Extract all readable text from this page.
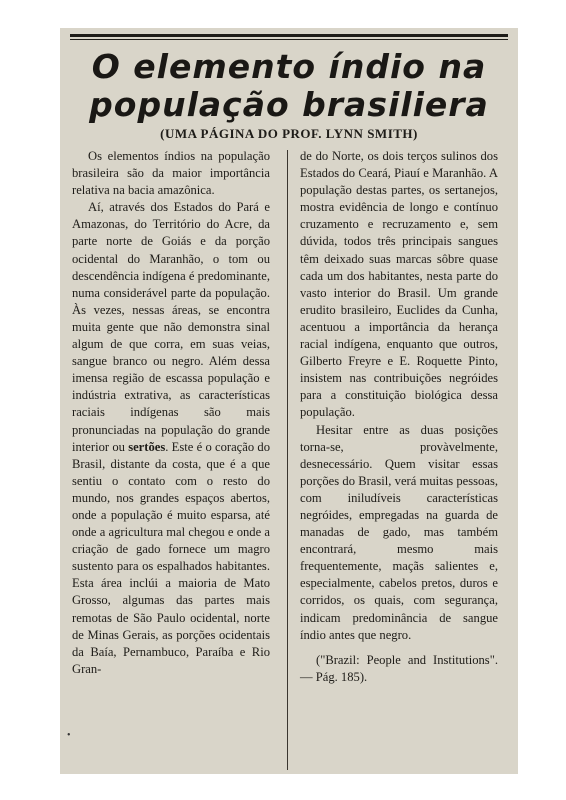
O elemento índio na
população brasiliera
(UMA PÁGINA DO PROF. LYNN SMITH)

Os elementos índios na população brasileira são da maior importância relativa na bacia amazônica.

Aí, através dos Estados do Pará e Amazonas, do Território do Acre, da parte norte de Goiás e da porção ocidental do Maranhão, o tom ou descendência indígena é predominante, numa considerável parte da população. Às vezes, nessas áreas, se encontra muita gente que não demonstra sinal algum de que corra, em suas veias, sangue branco ou negro. Além dessa imensa região de escassa população e indústria extrativa, as características raciais indígenas são mais pronunciadas na população do grande interior ou sertões. Este é o coração do Brasil, distante da costa, que é a que sentiu o contato com o resto do mundo, nos grandes espaços abertos, onde a população é muito esparsa, até onde a agricultura mal chegou e onde a criação de gado fornece um magro sustento para os espalhados habitantes. Esta área inclúi a maioria de Mato Grosso, algumas das partes mais remotas de São Paulo ocidental, norte de Minas Gerais, as porções ocidentais da Baía, Pernambuco, Paraíba e Rio Gran-

de do Norte, os dois terços sulinos dos Estados do Ceará, Piauí e Maranhão. A população destas partes, os sertanejos, mostra evidência de longo e contínuo cruzamento e recruzamento e, sem dúvida, todos três principais sangues têm deixado suas marcas sôbre quase cada um dos habitantes, nesta parte do vasto interior do Brasil. Um grande erudito brasileiro, Euclides da Cunha, acentuou a importância da herança racial indígena, enquanto que outros, Gilberto Freyre e E. Roquette Pinto, insistem nas contribuições negróides para a constituição biológica dessa população.

Hesitar entre as duas posições torna-se, provàvelmente, desnecessário. Quem visitar essas porções do Brasil, verá muitas pessoas, com iniludíveis características negróides, empregadas na guarda de manadas de gado, mas também encontrará, mesmo mais frequentemente, maçãs salientes e, especialmente, cabelos pretos, duros e corridos, os quais, com segurança, indicam predominância de sangue índio antes que negro.

("Brazil: People and Institutions". — Pág. 185).

•
